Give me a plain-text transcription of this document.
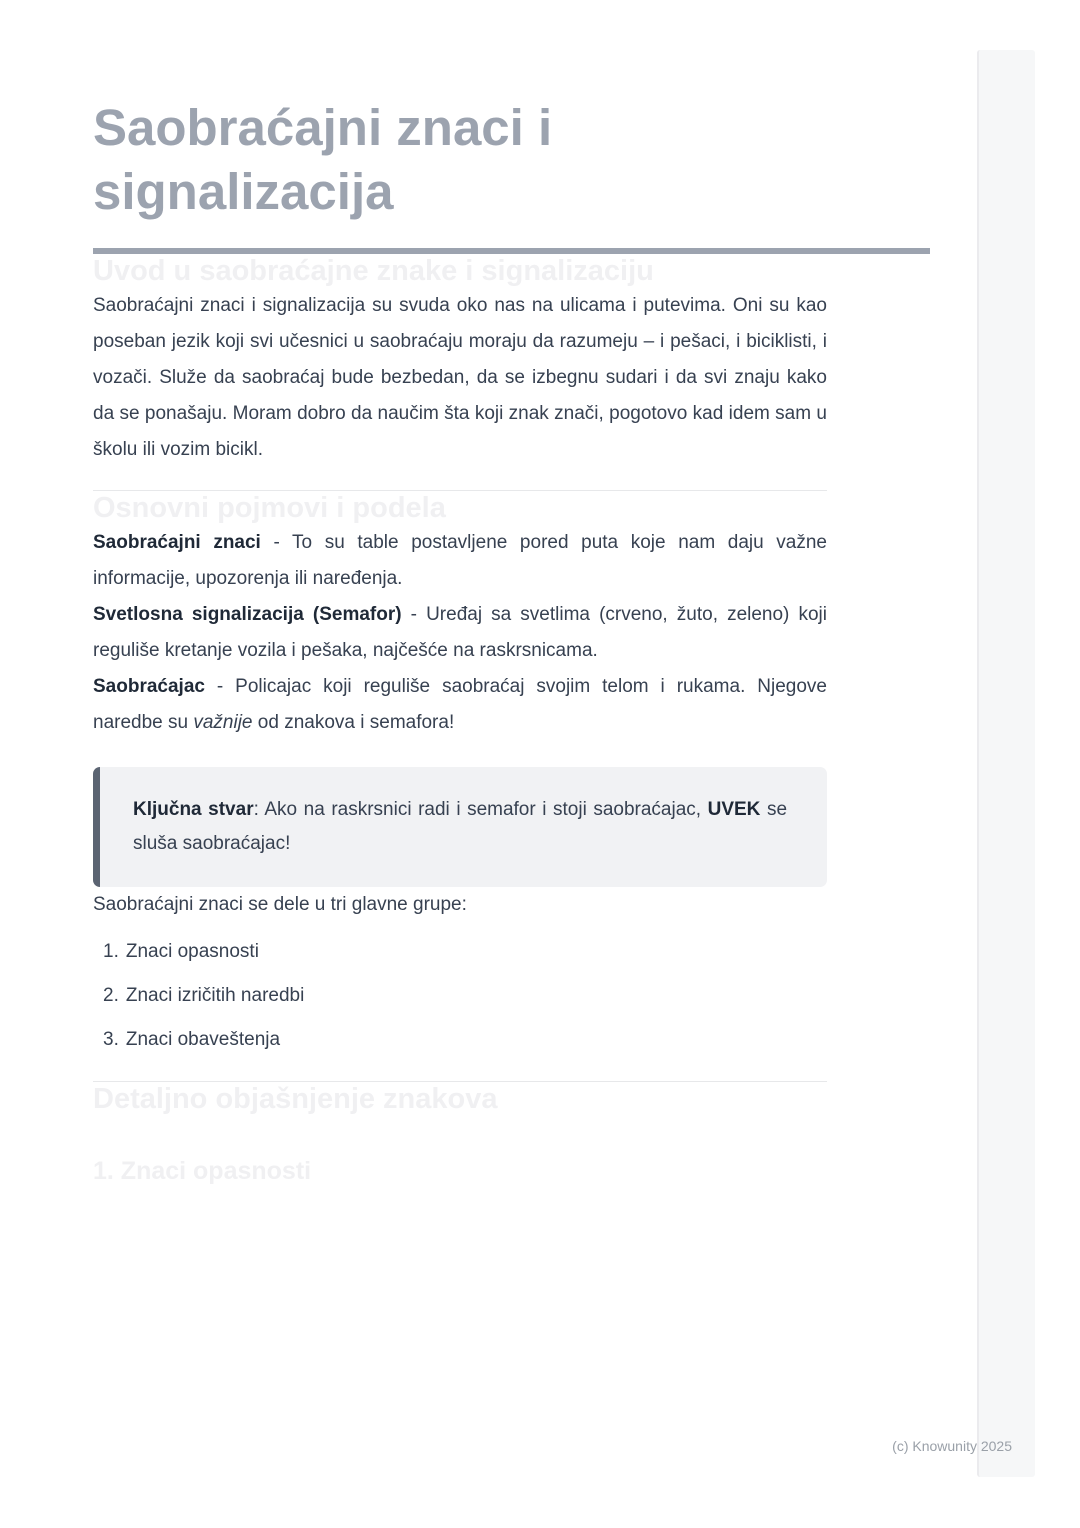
Saobraćajni znaci i signalizacija
Uvod u saobraćajne znake i signalizaciju

Saobraćajni znaci i signalizacija su svuda oko nas na ulicama i putevima. Oni su kao poseban jezik koji svi učesnici u saobraćaju moraju da razumeju – i pešaci, i biciklisti, i vozači. Služe da saobraćaj bude bezbedan, da se izbegnu sudari i da svi znaju kako da se ponašaju. Moram dobro da naučim šta koji znak znači, pogotovo kad idem sam u školu ili vozim bicikl.

Osnovni pojmovi i podela

Saobraćajni znaci - To su table postavljene pored puta koje nam daju važne informacije, upozorenja ili naređenja.

Svetlosna signalizacija (Semafor) - Uređaj sa svetlima (crveno, žuto, zeleno) koji reguliše kretanje vozila i pešaka, najčešće na raskrsnicama.

Saobraćajac - Policajac koji reguliše saobraćaj svojim telom i rukama. Njegove naredbe su važnije od znakova i semafora!

Ključna stvar: Ako na raskrsnici radi i semafor i stoji saobraćajac, UVEK se sluša saobraćajac!

Saobraćajni znaci se dele u tri glavne grupe:

1. Znaci opasnosti
2. Znaci izričitih naredbi
3. Znaci obaveštenja
Detaljno objašnjenje znakova
1. Znaci opasnosti
(c) Knowunity 2025
